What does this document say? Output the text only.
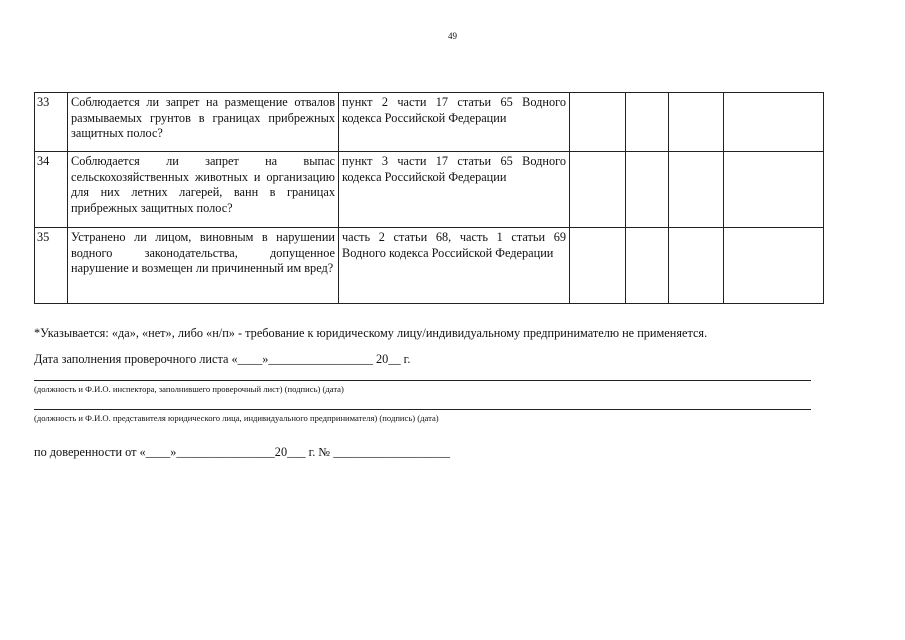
49
33	Соблюдается ли запрет на размещение отвалов размываемых грунтов в границах прибрежных защитных полос?	пункт 2 части 17 статьи 65 Водного кодекса Российской Федерации				
34	Соблюдается ли запрет на выпас сельскохозяйственных животных и организацию для них летних лагерей, ванн в границах прибрежных защитных полос?	пункт 3 части 17 статьи 65 Водного кодекса Российской Федерации				
35	Устранено ли лицом, виновным в нарушении водного законодательства, допущенное нарушение и возмещен ли причиненный им вред?	часть 2 статьи 68, часть 1 статьи 69 Водного кодекса Российской Федерации				
*Указывается: «да», «нет», либо «н/п» - требование к юридическому лицу/индивидуальному предпринимателю не применяется.
Дата заполнения проверочного листа «____»_________________ 20__ г.
(должность и Ф.И.О. инспектора, заполнившего проверочный лист) (подпись) (дата)
(должность и Ф.И.О. представителя юридического лица, индивидуального предпринимателя) (подпись) (дата)
по доверенности от «____»________________20___ г. № ___________________
